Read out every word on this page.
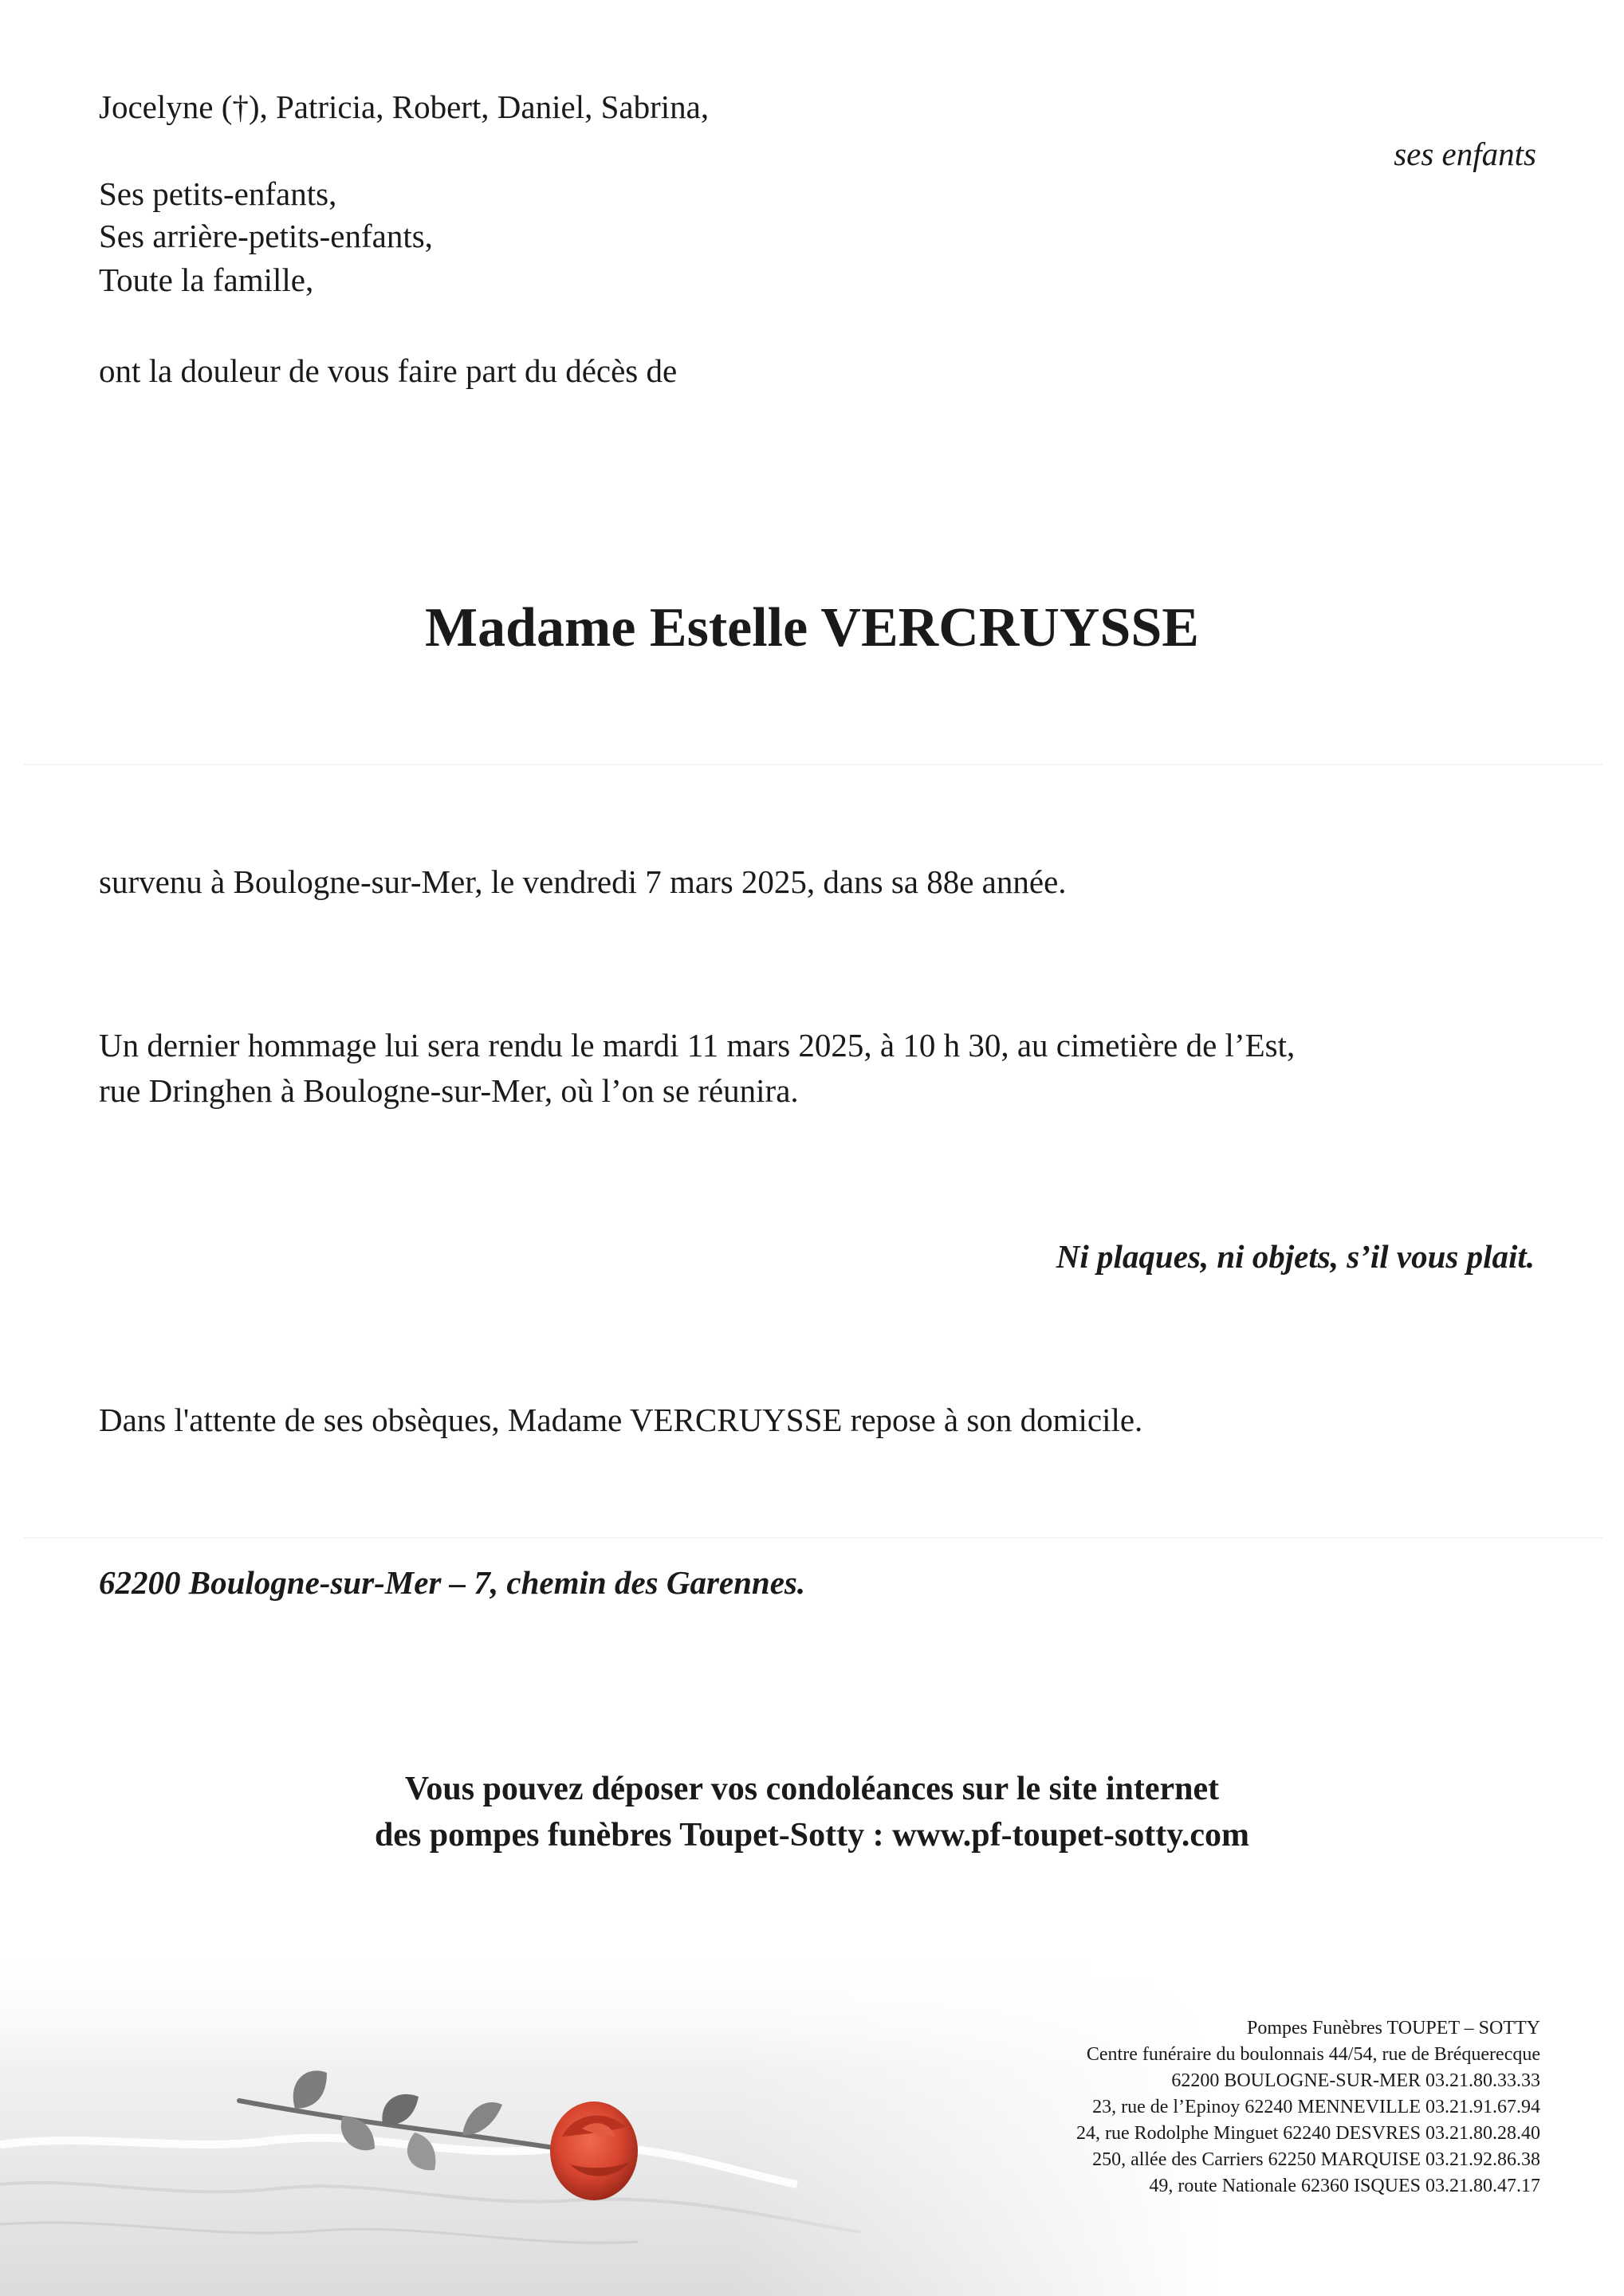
Jocelyne (†), Patricia, Robert, Daniel, Sabrina,
ses enfants
Ses petits-enfants,
Ses arrière-petits-enfants,
Toute la famille,
ont la douleur de vous faire part du décès de
Madame Estelle VERCRUYSSE
survenu à Boulogne-sur-Mer, le vendredi 7 mars 2025, dans sa 88e année.
Un dernier hommage lui sera rendu le mardi 11 mars 2025, à 10 h 30, au cimetière de l’Est,
rue Dringhen à Boulogne-sur-Mer, où l’on se réunira.
Ni plaques, ni objets, s’il vous plait.
Dans l'attente de ses obsèques, Madame VERCRUYSSE repose à son domicile.
62200 Boulogne-sur-Mer – 7, chemin des Garennes.
Vous pouvez déposer vos condoléances sur le site internet
des pompes funèbres Toupet-Sotty : www.pf-toupet-sotty.com
Pompes Funèbres TOUPET – SOTTY
Centre funéraire du boulonnais 44/54, rue de Bréquerecque
62200 BOULOGNE-SUR-MER 03.21.80.33.33
23, rue de l’Epinoy 62240 MENNEVILLE 03.21.91.67.94
24, rue Rodolphe Minguet 62240 DESVRES 03.21.80.28.40
250, allée des Carriers 62250 MARQUISE 03.21.92.86.38
49, route Nationale 62360 ISQUES 03.21.80.47.17
